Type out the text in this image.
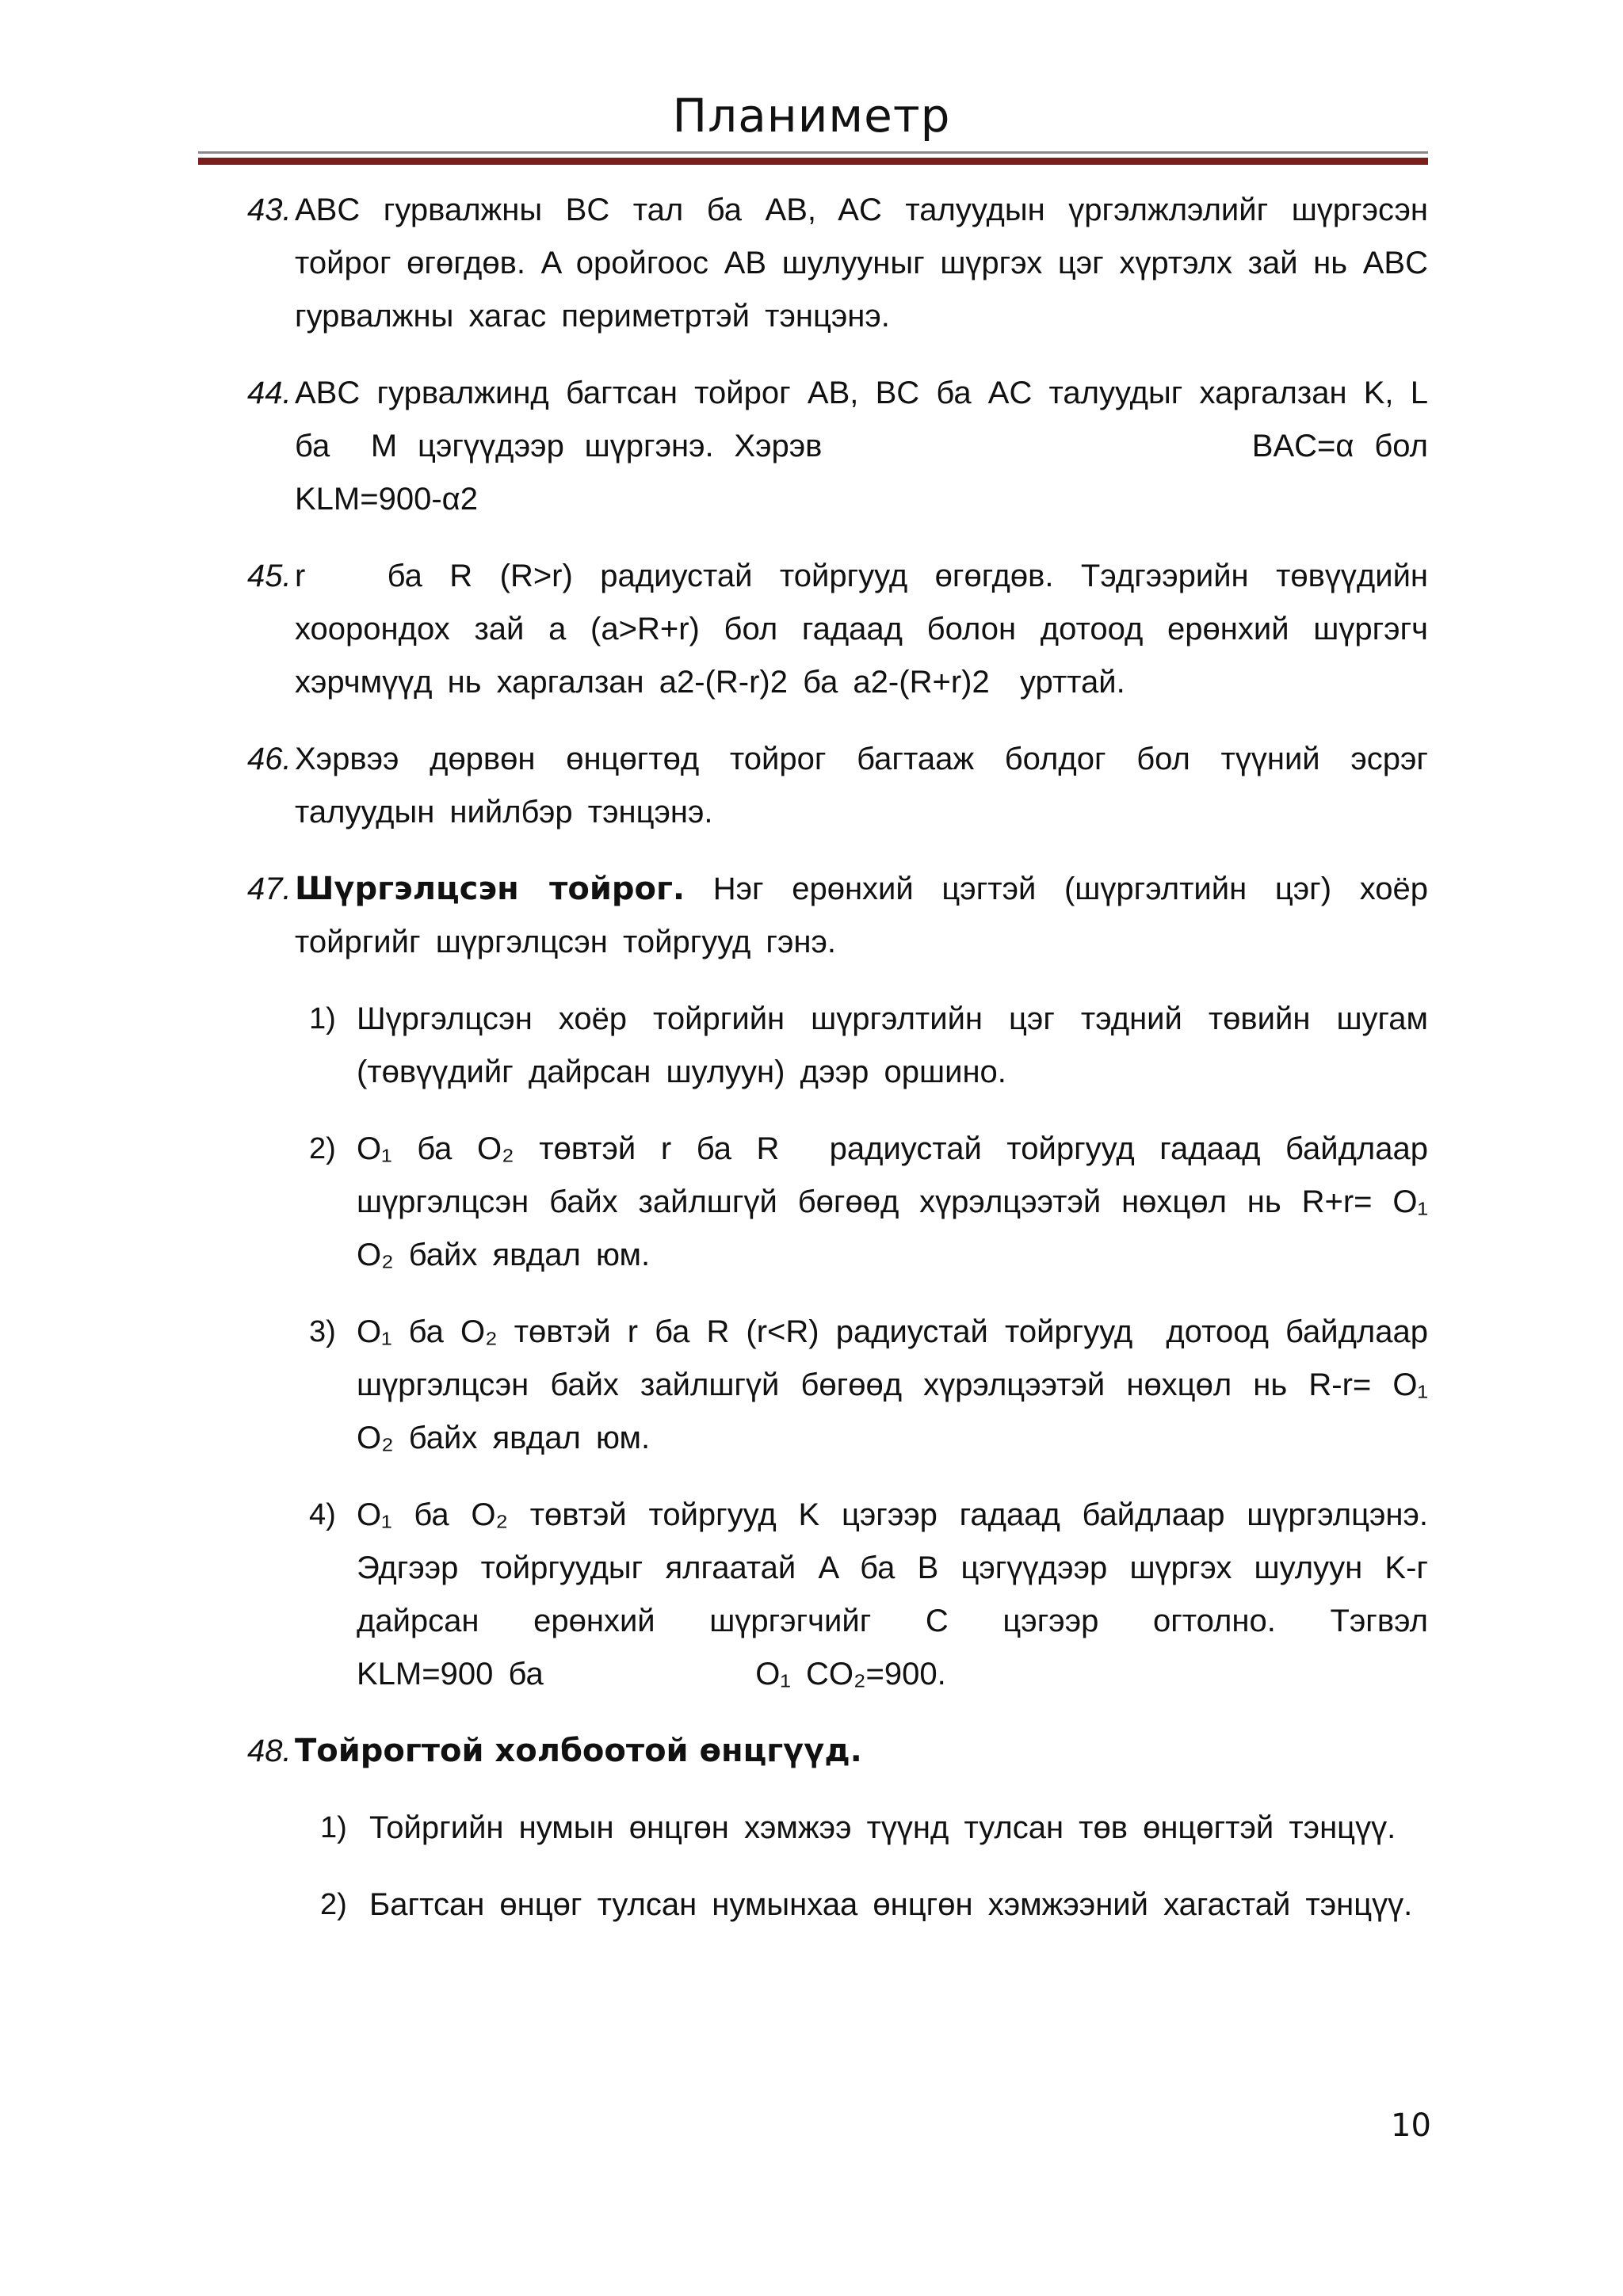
Планиметр
43. ABC гурвалжны BC тал ба AB, AC талуудын үргэлжлэлийг шүргэсэн тойрог өгөгдөв. A оройгоос AB шулууныг шүргэх цэг хүртэлх зай нь ABC гурвалжны хагас периметртэй тэнцэнэ.
44. ABC гурвалжинд багтсан тойрог AB, BC ба AC талуудыг харгалзан K, L ба  M цэгүүдээр шүргэнэ. Хэрэв                     BAC=α бол KLM=900-α2
45. r   ба R (R>r) радиустай тойргууд өгөгдөв. Тэдгээрийн төвүүдийн хоорондох зай a (a>R+r) бол гадаад болон дотоод ерөнхий шүргэгч хэрчмүүд нь харгалзан a2-(R-r)2 ба a2-(R+r)2  урттай.
46. Хэрвээ дөрвөн өнцөгтөд тойрог багтааж болдог бол түүний эсрэг талуудын нийлбэр тэнцэнэ.
47. Шүргэлцсэн тойрог. Нэг ерөнхий цэгтэй (шүргэлтийн цэг) хоёр тойргийг шүргэлцсэн тойргууд гэнэ.
1) Шүргэлцсэн хоёр тойргийн шүргэлтийн цэг тэдний төвийн шугам (төвүүдийг дайрсан шулуун) дээр оршино.
2) O₁ ба O₂ төвтэй r ба R  радиустай тойргууд гадаад байдлаар шүргэлцсэн байх зайлшгүй бөгөөд хүрэлцээтэй нөхцөл нь R+r= O₁ O₂ байх явдал юм.
3) O₁ ба O₂ төвтэй r ба R (r<R) радиустай тойргууд  дотоод байдлаар шүргэлцсэн байх зайлшгүй бөгөөд хүрэлцээтэй нөхцөл нь R-r= O₁ O₂ байх явдал юм.
4) O₁ ба O₂ төвтэй тойргууд K цэгээр гадаад байдлаар шүргэлцэнэ. Эдгээр тойргуудыг ялгаатай A ба B цэгүүдээр шүргэх шулуун K-г дайрсан ерөнхий шүргэгчийг C цэгээр огтолно. Тэгвэл          KLM=900 ба              O₁ CO₂=900.
48. Тойрогтой холбоотой өнцгүүд.
1) Тойргийн нумын өнцгөн хэмжээ түүнд тулсан төв өнцөгтэй тэнцүү.
2) Багтсан өнцөг тулсан нумынхаа өнцгөн хэмжээний хагастай тэнцүү.
10
